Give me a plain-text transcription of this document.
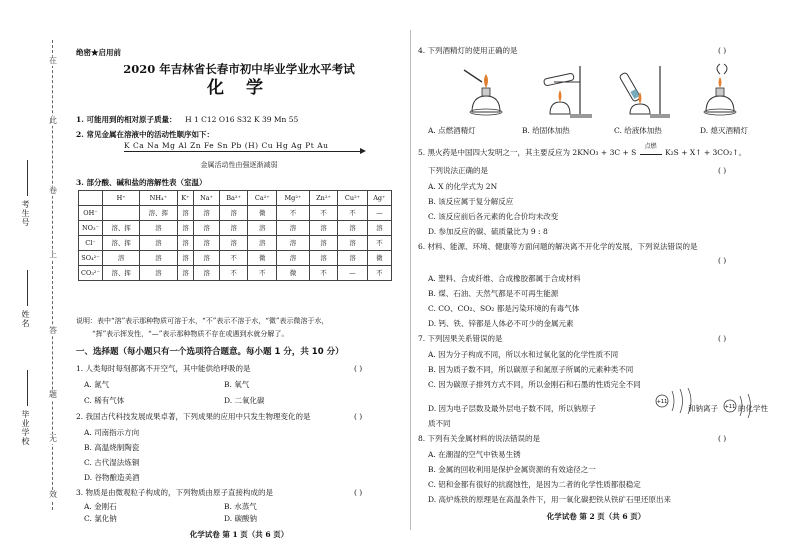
在
此
卷
上
答
题
无
效
考生号
姓名
毕业学校
绝密★启用前
2020 年吉林省长春市初中毕业学业水平考试
化 学
1. 可能用到的相对原子质量： H 1 C12 O16 S32 K 39 Mn 55
2. 常见金属在溶液中的活动性顺序如下：
K Ca Na Mg Al Zn Fe Sn Pb (H) Cu Hg Ag Pt Au
金属活动性由强逐渐减弱
3. 部分酸、碱和盐的溶解性表（室温）
	H⁺	NH₄⁺	K⁺	Na⁺	Ba²⁺	Ca²⁺	Mg²⁺	Zn²⁺	Cu²⁺	Ag⁺
OH⁻		溶、挥	溶	溶	溶	微	不	不	不	—
NO₃⁻	溶、挥	溶	溶	溶	溶	溶	溶	溶	溶	溶
Cl⁻	溶、挥	溶	溶	溶	溶	溶	溶	溶	溶	不
SO₄²⁻	溶	溶	溶	溶	不	微	溶	溶	溶	微
CO₃²⁻	溶、挥	溶	溶	溶	不	不	微	不	—	不
说明：表中“溶”表示那种物质可溶于水，“不”表示不溶于水，“微”表示微溶于水，
“挥”表示挥发性，“—”表示那种物质不存在或遇到水就分解了。
一、选择题（每小题只有一个选项符合题意。每小题 1 分，共 10 分）
1. 人类每时每刻都离不开空气，其中能供给呼吸的是	( )
A. 氮气	B. 氧气
C. 稀有气体	D. 二氧化碳
2. 我国古代科技发展成果卓著，下列成果的应用中只发生物理变化的是	( )
A. 司南指示方向
B. 高温烧制陶瓷
C. 古代湿法炼铜
D. 谷物酿造美酒
3. 物质是由微观粒子构成的，下列物质由原子直接构成的是	( )
A. 金刚石	B. 水蒸气
C. 氯化钠	D. 碳酸钠
化学试卷 第 1 页（共 6 页）
4. 下列酒精灯的使用正确的是	( )
A. 点燃酒精灯	B. 给固体加热	C. 给液体加热	D. 熄灭酒精灯
5. 黑火药是中国四大发明之一，其主要反应为 2KNO₃ + 3C + S
点燃
K₂S + X↑ + 3CO₂↑。
( )
下列说法正确的是
A. X 的化学式为 2N
B. 该反应属于复分解反应
C. 该反应前后各元素的化合价均未改变
D. 参加反应的碳、硫质量比为 9 : 8
6. 材料、能源、环境、健康等方面问题的解决离不开化学的发展，下列说法错误的是
( )
A. 塑料、合成纤维、合成橡胶都属于合成材料
B. 煤、石油、天然气都是不可再生能源
C. CO、CO₂、SO₂ 都是污染环境的有毒气体
D. 钙、铁、锌都是人体必不可少的金属元素
7. 下列因果关系错误的是	( )
A. 因为分子构成不同，所以水和过氧化氢的化学性质不同
B. 因为质子数不同，所以碳原子和氮原子所属的元素种类不同
C. 因为碳原子排列方式不同，所以金刚石和石墨的性质完全不同
D. 因为电子层数及最外层电子数不同，所以钠原子
+11
和钠离子 +11 的化学性
质不同
8. 下列有关金属材料的说法错误的是	( )
A. 在潮湿的空气中铁易生锈
B. 金属的回收利用是保护金属资源的有效途径之一
C. 铝和金都有很好的抗腐蚀性，是因为二者的化学性质都很稳定
D. 高炉炼铁的原理是在高温条件下，用一氧化碳把铁从铁矿石里还原出来
化学试卷 第 2 页（共 6 页）
